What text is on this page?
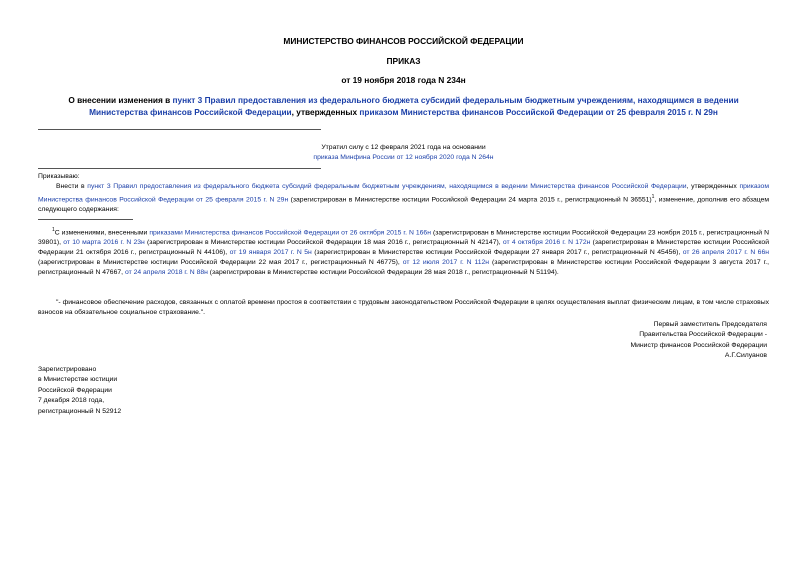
МИНИСТЕРСТВО ФИНАНСОВ РОССИЙСКОЙ ФЕДЕРАЦИИ
ПРИКАЗ
от 19 ноября 2018 года N 234н
О внесении изменения в пункт 3 Правил предоставления из федерального бюджета субсидий федеральным бюджетным учреждениям, находящимся в ведении Министерства финансов Российской Федерации, утвержденных приказом Министерства финансов Российской Федерации от 25 февраля 2015 г. N 29н
Утратил силу с 12 февраля 2021 года на основании
приказа Минфина России от 12 ноября 2020 года N 264н
Приказываю:
Внести в пункт 3 Правил предоставления из федерального бюджета субсидий федеральным бюджетным учреждениям, находящимся в ведении Министерства финансов Российской Федерации, утвержденных приказом Министерства финансов Российской Федерации от 25 февраля 2015 г. N 29н (зарегистрирован в Министерстве юстиции Российской Федерации 24 марта 2015 г., регистрационный N 36551)$^1$, изменение, дополнив его абзацем следующего содержания:
$^1$С изменениями, внесенными приказами Министерства финансов Российской Федерации от 26 октября 2015 г. N 166н (зарегистрирован в Министерстве юстиции Российской Федерации 23 ноября 2015 г., регистрационный N 39801), от 10 марта 2016 г. N 23н (зарегистрирован в Министерстве юстиции Российской Федерации 18 мая 2016 г., регистрационный N 42147), от 4 октября 2016 г. N 172н (зарегистрирован в Министерстве юстиции Российской Федерации 21 октября 2016 г., регистрационный N 44106), от 19 января 2017 г. N 5н (зарегистрирован в Министерстве юстиции Российской Федерации 27 января 2017 г., регистрационный N 45456), от 26 апреля 2017 г. N 66н (зарегистрирован в Министерстве юстиции Российской Федерации 22 мая 2017 г., регистрационный N 46775), от 12 июля 2017 г. N 112н (зарегистрирован в Министерстве юстиции Российской Федерации 3 августа 2017 г., регистрационный N 47667, от 24 апреля 2018 г. N 88н (зарегистрирован в Министерстве юстиции Российской Федерации 28 мая 2018 г., регистрационный N 51194).
"- финансовое обеспечение расходов, связанных с оплатой времени простоя в соответствии с трудовым законодательством Российской Федерации в целях осуществления выплат физическим лицам, в том числе страховых взносов на обязательное социальное страхование.".
Первый заместитель Председателя
Правительства Российской Федерации -
Министр финансов Российской Федерации
А.Г.Силуанов
Зарегистрировано
в Министерстве юстиции
Российской Федерации
7 декабря 2018 года,
регистрационный N 52912
